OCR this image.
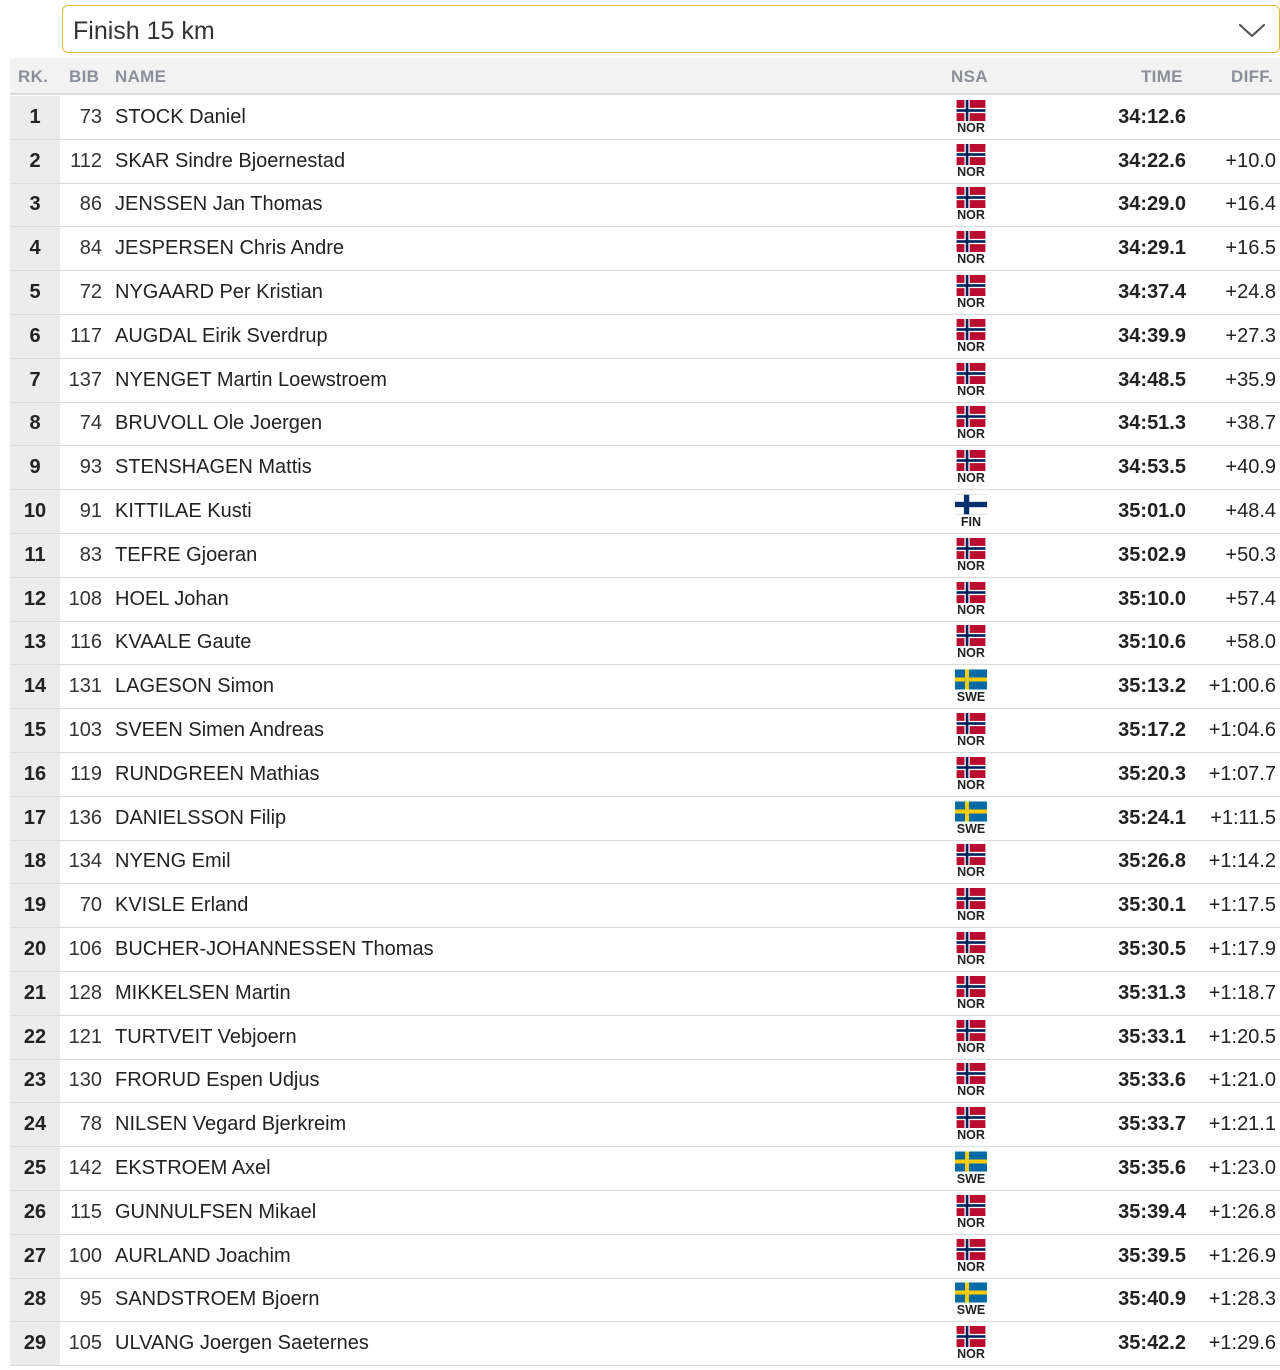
Finish 15 km
RK. BIB NAME	NSA	TIME	DIFF.
1	73 STOCK Daniel	NOR	34:12.6
2	112 SKAR Sindre Bjoernestad	NOR	34:22.6	+10.0
3	86 JENSSEN Jan Thomas	NOR	34:29.0	+16.4
4	84 JESPERSEN Chris Andre	NOR	34:29.1	+16.5
5	72 NYGAARD Per Kristian	NOR	34:37.4	+24.8
6	117 AUGDAL Eirik Sverdrup	NOR	34:39.9	+27.3
7	137 NYENGET Martin Loewstroem	NOR	34:48.5	+35.9
8	74 BRUVOLL Ole Joergen	NOR	34:51.3	+38.7
9	93 STENSHAGEN Mattis	NOR	34:53.5	+40.9
10	91 KITTILAE Kusti	FIN	35:01.0	+48.4
11	83 TEFRE Gjoeran	NOR	35:02.9	+50.3
12	108 HOEL Johan	NOR	35:10.0	+57.4
13	116 KVAALE Gaute	NOR	35:10.6	+58.0
14	131 LAGESON Simon	SWE	35:13.2	+1:00.6
15	103 SVEEN Simen Andreas	NOR	35:17.2	+1:04.6
16	119 RUNDGREEN Mathias	NOR	35:20.3	+1:07.7
17	136 DANIELSSON Filip	SWE	35:24.1	+1:11.5
18	134 NYENG Emil	NOR	35:26.8	+1:14.2
19	70 KVISLE Erland	NOR	35:30.1	+1:17.5
20	106 BUCHER-JOHANNESSEN Thomas	NOR	35:30.5	+1:17.9
21	128 MIKKELSEN Martin	NOR	35:31.3	+1:18.7
22	121 TURTVEIT Vebjoern	NOR	35:33.1	+1:20.5
23	130 FRORUD Espen Udjus	NOR	35:33.6	+1:21.0
24	78 NILSEN Vegard Bjerkreim	NOR	35:33.7	+1:21.1
25	142 EKSTROEM Axel	SWE	35:35.6	+1:23.0
26	115 GUNNULFSEN Mikael	NOR	35:39.4	+1:26.8
27	100 AURLAND Joachim	NOR	35:39.5	+1:26.9
28	95 SANDSTROEM Bjoern	SWE	35:40.9	+1:28.3
29	105 ULVANG Joergen Saeternes	NOR	35:42.2	+1:29.6
